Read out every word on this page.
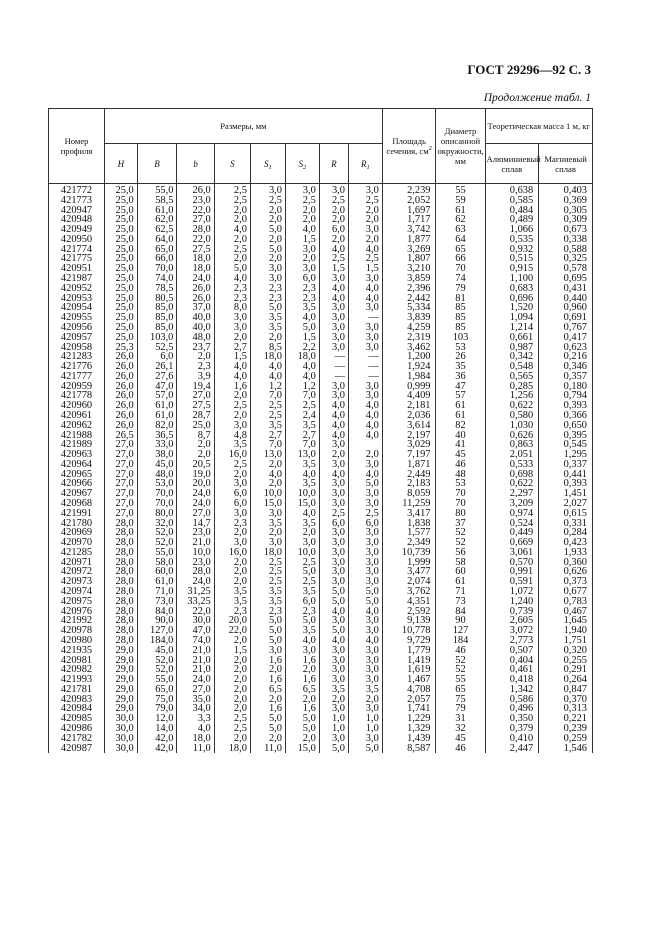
ГОСТ 29296—92 С. 3
Продолжение табл. 1
Номер профиля	Размеры, мм								Площадь сечения, $см^2$	Диаметр описанной окружности, мм	Теоретическая масса 1 м, кг	
	H	B	b	S	$S_1$	$S_2$	R	$R_1$			Алюминиевый сплав	Магниевый сплав
421772	25,0	55,0	26,0	2,5	3,0	3,0	3,0	3,0	2,239	55	0,638	0,403
421773	25,0	58,5	23,0	2,5	2,5	2,5	2,5	2,5	2,052	59	0,585	0,369
420947	25,0	61,0	22,0	2,0	2,0	2,0	2,0	2,0	1,697	61	0,484	0,305
420948	25,0	62,0	27,0	2,0	2,0	2,0	2,0	2,0	1,717	62	0,489	0,309
420949	25,0	62,5	28,0	4,0	5,0	4,0	6,0	3,0	3,742	63	1,066	0,673
420950	25,0	64,0	22,0	2,0	2,0	1,5	2,0	2,0	1,877	64	0,535	0,338
421774	25,0	65,0	27,5	2,5	5,0	3,0	4,0	4,0	3,269	65	0,932	0,588
421775	25,0	66,0	18,0	2,0	2,0	2,0	2,5	2,5	1,807	66	0,515	0,325
420951	25,0	70,0	18,0	5,0	3,0	3,0	1,5	1,5	3,210	70	0,915	0,578
421987	25,0	74,0	24,0	4,0	3,0	6,0	3,0	3,0	3,859	74	1,100	0,695
420952	25,0	78,5	26,0	2,3	2,3	2,3	4,0	4,0	2,396	79	0,683	0,431
420953	25,0	80,5	26,0	2,3	2,3	2,3	4,0	4,0	2,442	81	0,696	0,440
420954	25,0	85,0	37,0	8,0	5,0	3,5	3,0	3,0	5,334	85	1,520	0,960
420955	25,0	85,0	40,0	3,0	3,5	4,0	3,0	—	3,839	85	1,094	0,691
420956	25,0	85,0	40,0	3,0	3,5	5,0	3,0	3,0	4,259	85	1,214	0,767
420957	25,0	103,0	48,0	2,0	2,0	1,5	3,0	3,0	2,319	103	0,661	0,417
420958	25,3	52,5	23,7	2,7	8,5	2,2	3,0	3,0	3,462	53	0,987	0,623
421283	26,0	6,0	2,0	1,5	18,0	18,0	—	—	1,200	26	0,342	0,216
421776	26,0	26,1	2,3	4,0	4,0	4,0	—	—	1,924	35	0,548	0,346
421777	26,0	27,6	3,9	4,0	4,0	4,0	—	—	1,984	36	0,565	0,357
420959	26,0	47,0	19,4	1,6	1,2	1,2	3,0	3,0	0,999	47	0,285	0,180
421778	26,0	57,0	27,0	2,0	7,0	7,0	3,0	3,0	4,409	57	1,256	0,794
420960	26,0	61,0	27,5	2,5	2,5	2,5	4,0	4,0	2,181	61	0,622	0,393
420961	26,0	61,0	28,7	2,0	2,5	2,4	4,0	4,0	2,036	61	0,580	0,366
420962	26,0	82,0	25,0	3,0	3,5	3,5	4,0	4,0	3,614	82	1,030	0,650
421988	26,5	36,5	8,7	4,8	2,7	2,7	4,0	4,0	2,197	40	0,626	0,395
421989	27,0	33,0	2,0	3,5	7,0	7,0	3,0		3,029	41	0,863	0,545
420963	27,0	38,0	2,0	16,0	13,0	13,0	2,0	2,0	7,197	45	2,051	1,295
420964	27,0	45,0	20,5	2,5	2,0	3,5	3,0	3,0	1,871	46	0,533	0,337
420965	27,0	48,0	19,0	2,0	4,0	4,0	4,0	4,0	2,449	48	0,698	0,441
420966	27,0	53,0	20,0	3,0	2,0	3,5	3,0	5,0	2,183	53	0,622	0,393
420967	27,0	70,0	24,0	6,0	10,0	10,0	3,0	3,0	8,059	70	2,297	1,451
420968	27,0	70,0	24,0	6,0	15,0	15,0	3,0	3,0	11,259	70	3,209	2,027
421991	27,0	80,0	27,0	3,0	3,0	4,0	2,5	2,5	3,417	80	0,974	0,615
421780	28,0	32,0	14,7	2,3	3,5	3,5	6,0	6,0	1,838	37	0,524	0,331
420969	28,0	52,0	23,0	2,0	2,0	2,0	3,0	3,0	1,577	52	0,449	0,284
420970	28,0	52,0	21,0	3,0	3,0	3,0	3,0	3,0	2,349	52	0,669	0,423
421285	28,0	55,0	10,0	16,0	18,0	10,0	3,0	3,0	10,739	56	3,061	1,933
420971	28,0	58,0	23,0	2,0	2,5	2,5	3,0	3,0	1,999	58	0,570	0,360
420972	28,0	60,0	28,0	2,0	2,5	5,0	3,0	3,0	3,477	60	0,991	0,626
420973	28,0	61,0	24,0	2,0	2,5	2,5	3,0	3,0	2,074	61	0,591	0,373
420974	28,0	71,0	31,25	3,5	3,5	3,5	5,0	5,0	3,762	71	1,072	0,677
420975	28,0	73,0	33,25	3,5	3,5	6,0	5,0	5,0	4,351	73	1,240	0,783
420976	28,0	84,0	22,0	2,3	2,3	2,3	4,0	4,0	2,592	84	0,739	0,467
421992	28,0	90,0	30,0	20,0	5,0	5,0	3,0	3,0	9,139	90	2,605	1,645
420978	28,0	127,0	47,0	22,0	5,0	3,5	5,0	3,0	10,778	127	3,072	1,940
420980	28,0	184,0	74,0	2,0	5,0	4,0	4,0	4,0	9,729	184	2,773	1,751
421935	29,0	45,0	21,0	1,5	3,0	3,0	3,0	3,0	1,779	46	0,507	0,320
420981	29,0	52,0	21,0	2,0	1,6	1,6	3,0	3,0	1,419	52	0,404	0,255
420982	29,0	52,0	21,0	2,0	2,0	2,0	3,0	3,0	1,619	52	0,461	0,291
421993	29,0	55,0	24,0	2,0	1,6	1,6	3,0	3,0	1,467	55	0,418	0,264
421781	29,0	65,0	27,0	2,0	6,5	6,5	3,5	3,5	4,708	65	1,342	0,847
420983	29,0	75,0	35,0	2,0	2,0	2,0	2,0	2,0	2,057	75	0,586	0,370
420984	29,0	79,0	34,0	2,0	1,6	1,6	3,0	3,0	1,741	79	0,496	0,313
420985	30,0	12,0	3,3	2,5	5,0	5,0	1,0	1,0	1,229	31	0,350	0,221
420986	30,0	14,0	4,0	2,5	5,0	5,0	1,0	1,0	1,329	32	0,379	0,239
421782	30,0	42,0	18,0	2,0	2,0	2,0	3,0	3,0	1,439	45	0,410	0,259
420987	30,0	42,0	11,0	18,0	11,0	15,0	5,0	5,0	8,587	46	2,447	1,546
